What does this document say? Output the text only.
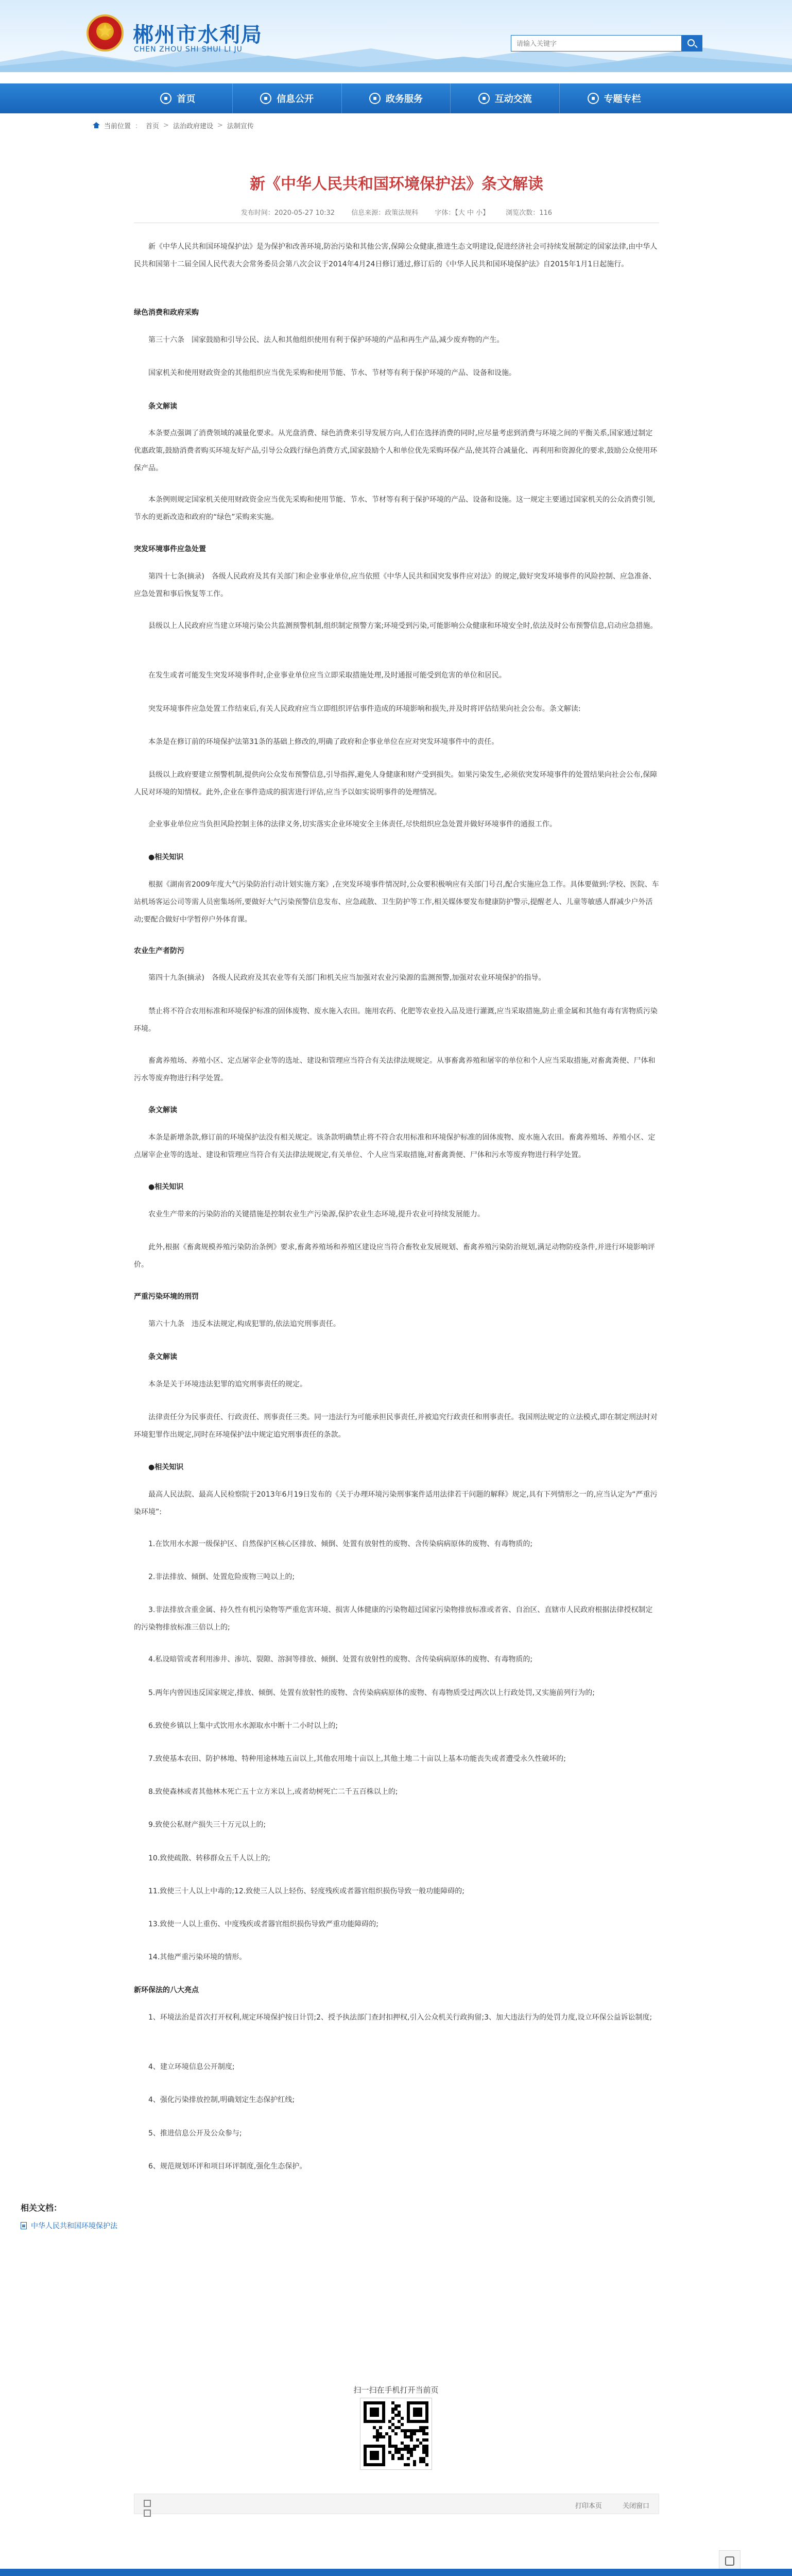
郴州市水利局
CHEN ZHOU SHI SHUI LI JU
请输入关键字
首页	信息公开	政务服务	互动交流	专题专栏
当前位置 ： 首页 > 法治政府建设 > 法制宣传
新《中华人民共和国环境保护法》条文解读
发布时间：2020-05-27 10:32 信息来源：政策法规科 字体：【大 中 小】 浏览次数：116
新《中华人民共和国环境保护法》是为保护和改善环境,防治污染和其他公害,保障公众健康,推进生态文明建设,促进经济社会可持续发展制定的国家法律,由中华人民共和国第十二届全国人民代表大会常务委员会第八次会议于2014年4月24日修订通过,修订后的《中华人民共和国环境保护法》自2015年1月1日起施行。
绿色消费和政府采购
第三十六条　国家鼓励和引导公民、法人和其他组织使用有利于保护环境的产品和再生产品,减少废弃物的产生。
国家机关和使用财政资金的其他组织应当优先采购和使用节能、节水、节材等有利于保护环境的产品、设备和设施。
条文解读
本条要点强调了消费领域的减量化要求。从光盘消费、绿色消费来引导发展方向,人们在选择消费的同时,应尽量考虑到消费与环境之间的平衡关系,国家通过制定优惠政策,鼓励消费者购买环境友好产品,引导公众践行绿色消费方式,国家鼓励个人和单位优先采购环保产品,使其符合减量化、再利用和资源化的要求,鼓励公众使用环保产品。
本条例则规定国家机关使用财政资金应当优先采购和使用节能、节水、节材等有利于保护环境的产品、设备和设施。这一规定主要通过国家机关的公众消费引领,节水的更新改造和政府的“绿色”采购来实施。
突发环境事件应急处置
第四十七条(摘录)　各级人民政府及其有关部门和企业事业单位,应当依照《中华人民共和国突发事件应对法》的规定,做好突发环境事件的风险控制、应急准备、应急处置和事后恢复等工作。
县级以上人民政府应当建立环境污染公共监测预警机制,组织制定预警方案;环境受到污染,可能影响公众健康和环境安全时,依法及时公布预警信息,启动应急措施。
在发生或者可能发生突发环境事件时,企业事业单位应当立即采取措施处理,及时通报可能受到危害的单位和居民。
突发环境事件应急处置工作结束后,有关人民政府应当立即组织评估事件造成的环境影响和损失,并及时将评估结果向社会公布。条文解读:
本条是在修订前的环境保护法第31条的基础上修改的,明确了政府和企事业单位在应对突发环境事件中的责任。
县级以上政府要建立预警机制,提供向公众发布预警信息,引导指挥,避免人身健康和财产受到损失。如果污染发生,必须依突发环境事件的处置结果向社会公布,保障人民对环境的知情权。此外,企业在事件造成的损害进行评估,应当予以如实说明事件的处理情况。
企业事业单位应当负担风险控制主体的法律义务,切实落实企业环境安全主体责任,尽快组织应急处置并做好环境事件的通报工作。
●相关知识
根据《湖南省2009年度大气污染防治行动计划实施方案》,在突发环境事件情况时,公众要积极响应有关部门号召,配合实施应急工作。具体要做到:学校、医院、车站机场客运公司等需人员密集场所,要做好大气污染预警信息发布、应急疏散、卫生防护等工作,相关媒体要发布健康防护警示,提醒老人、儿童等敏感人群减少户外活动;要配合做好中学暂停户外体育课。
农业生产者防污
第四十九条(摘录)　各级人民政府及其农业等有关部门和机关应当加强对农业污染源的监测预警,加强对农业环境保护的指导。
禁止将不符合农用标准和环境保护标准的固体废物、废水施入农田。施用农药、化肥等农业投入品及进行灌溉,应当采取措施,防止重金属和其他有毒有害物质污染环境。
畜禽养殖场、养殖小区、定点屠宰企业等的选址、建设和管理应当符合有关法律法规规定。从事畜禽养殖和屠宰的单位和个人应当采取措施,对畜禽粪便、尸体和污水等废弃物进行科学处置。
条文解读
本条是新增条款,修订前的环境保护法没有相关规定。该条款明确禁止将不符合农用标准和环境保护标准的固体废物、废水施入农田。畜禽养殖场、养殖小区、定点屠宰企业等的选址、建设和管理应当符合有关法律法规规定,有关单位、个人应当采取措施,对畜禽粪便、尸体和污水等废弃物进行科学处置。
●相关知识
农业生产带来的污染防治的关键措施是控制农业生产污染源,保护农业生态环境,提升农业可持续发展能力。
此外,根据《畜禽规模养殖污染防治条例》要求,畜禽养殖场和养殖区建设应当符合畜牧业发展规划、畜禽养殖污染防治规划,满足动物防疫条件,并进行环境影响评价。
严重污染环境的刑罚
第六十九条　违反本法规定,构成犯罪的,依法追究刑事责任。
条文解读
本条是关于环境违法犯罪的追究刑事责任的规定。
法律责任分为民事责任、行政责任、刑事责任三类。同一违法行为可能承担民事责任,并被追究行政责任和刑事责任。我国刑法规定的立法模式,即在制定刑法时对环境犯罪作出规定,同时在环境保护法中规定追究刑事责任的条款。
●相关知识
最高人民法院、最高人民检察院于2013年6月19日发布的《关于办理环境污染刑事案件适用法律若干问题的解释》规定,具有下列情形之一的,应当认定为“严重污染环境”:
1.在饮用水水源一级保护区、自然保护区核心区排放、倾倒、处置有放射性的废物、含传染病病原体的废物、有毒物质的;
2.非法排放、倾倒、处置危险废物三吨以上的;
3.非法排放含重金属、持久性有机污染物等严重危害环境、损害人体健康的污染物超过国家污染物排放标准或者省、自治区、直辖市人民政府根据法律授权制定的污染物排放标准三倍以上的;
4.私设暗管或者利用渗井、渗坑、裂隙、溶洞等排放、倾倒、处置有放射性的废物、含传染病病原体的废物、有毒物质的;
5.两年内曾因违反国家规定,排放、倾倒、处置有放射性的废物、含传染病病原体的废物、有毒物质受过两次以上行政处罚,又实施前列行为的;
6.致使乡镇以上集中式饮用水水源取水中断十二小时以上的;
7.致使基本农田、防护林地、特种用途林地五亩以上,其他农用地十亩以上,其他土地二十亩以上基本功能丧失或者遭受永久性破坏的;
8.致使森林或者其他林木死亡五十立方米以上,或者幼树死亡二千五百株以上的;
9.致使公私财产损失三十万元以上的;
10.致使疏散、转移群众五千人以上的;
11.致使三十人以上中毒的;12.致使三人以上轻伤、轻度残疾或者器官组织损伤导致一般功能障碍的;
13.致使一人以上重伤、中度残疾或者器官组织损伤导致严重功能障碍的;
14.其他严重污染环境的情形。
新环保法的八大亮点
1、环境法治是首次打开权利,规定环境保护按日计罚;2、授予执法部门查封扣押权,引入公众机关行政拘留;3、加大违法行为的处罚力度,设立环保公益诉讼制度;
4、建立环境信息公开制度;
4、强化污染排放控制,明确划定生态保护红线;
5、推进信息公开及公众参与;
6、规范规划环评和项目环评制度,强化生态保护。
相关文档：
中华人民共和国环境保护法
扫一扫在手机打开当前页
打印本页	关闭窗口
